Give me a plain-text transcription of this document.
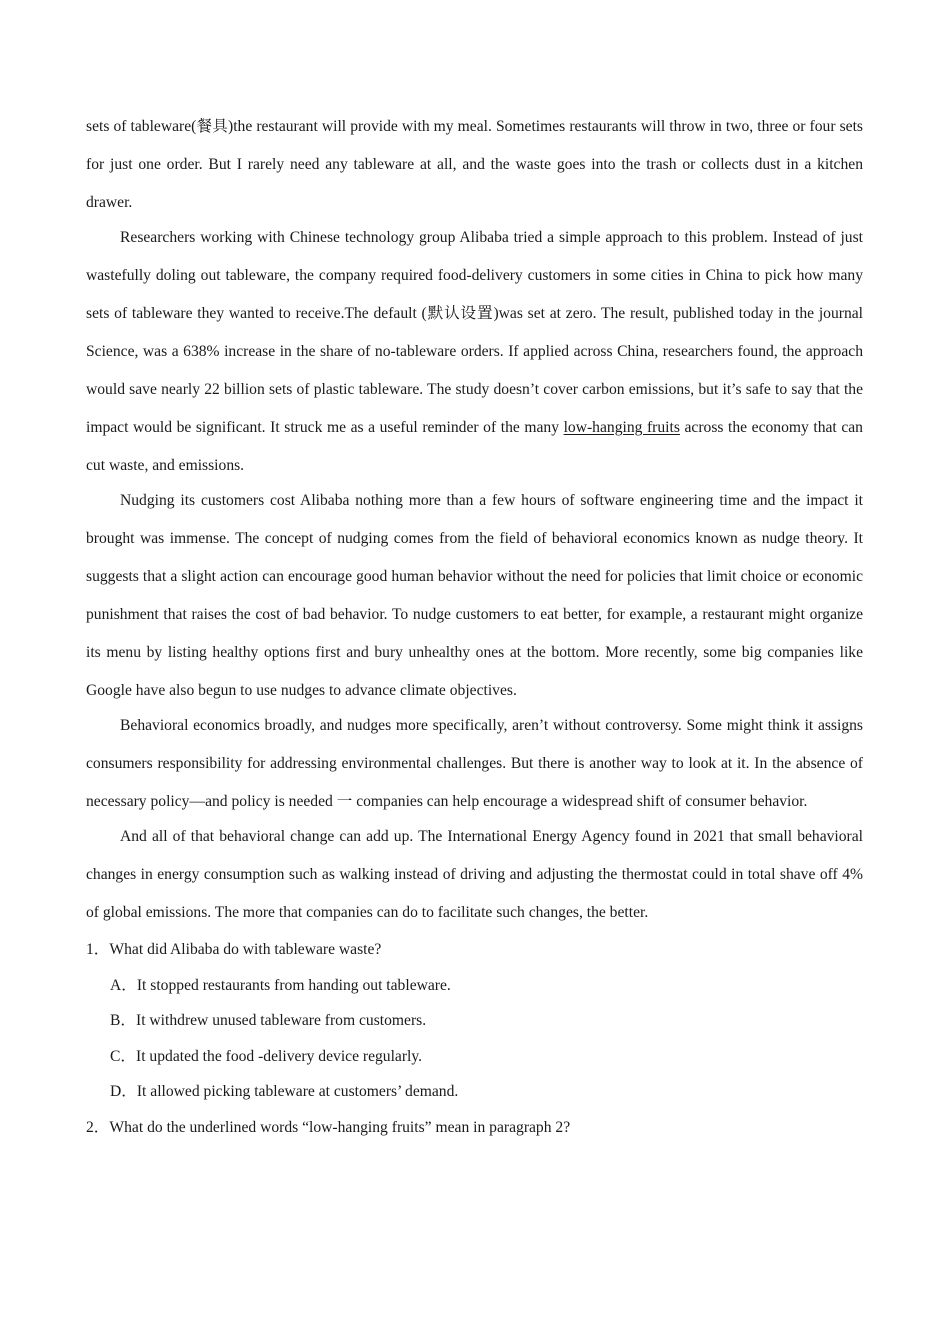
sets of tableware(餐具)the restaurant will provide with my meal. Sometimes restaurants will throw in two, three or four sets for just one order. But I rarely need any tableware at all, and the waste goes into the trash or collects dust in a kitchen drawer.

Researchers working with Chinese technology group Alibaba tried a simple approach to this problem. Instead of just wastefully doling out tableware, the company required food-delivery customers in some cities in China to pick how many sets of tableware they wanted to receive.The default (默认设置)was set at zero. The result, published today in the journal Science, was a 638% increase in the share of no-tableware orders. If applied across China, researchers found, the approach would save nearly 22 billion sets of plastic tableware. The study doesn’t cover carbon emissions, but it’s safe to say that the impact would be significant. It struck me as a useful reminder of the many low-hanging fruits across the economy that can cut waste, and emissions.

Nudging its customers cost Alibaba nothing more than a few hours of software engineering time and the impact it brought was immense. The concept of nudging comes from the field of behavioral economics known as nudge theory. It suggests that a slight action can encourage good human behavior without the need for policies that limit choice or economic punishment that raises the cost of bad behavior. To nudge customers to eat better, for example, a restaurant might organize its menu by listing healthy options first and bury unhealthy ones at the bottom. More recently, some big companies like Google have also begun to use nudges to advance climate objectives.

Behavioral economics broadly, and nudges more specifically, aren’t without controversy. Some might think it assigns consumers responsibility for addressing environmental challenges. But there is another way to look at it. In the absence of necessary policy—and policy is needed 一 companies can help encourage a widespread shift of consumer behavior.

And all of that behavioral change can add up. The International Energy Agency found in 2021 that small behavioral changes in energy consumption such as walking instead of driving and adjusting the thermostat could in total shave off 4% of global emissions. The more that companies can do to facilitate such changes, the better.

1．What did Alibaba do with tableware waste?

A．It stopped restaurants from handing out tableware.

B．It withdrew unused tableware from customers.

C．It updated the food -delivery device regularly.

D．It allowed picking tableware at customers’ demand.

2．What do the underlined words “low-hanging fruits” mean in paragraph 2?
